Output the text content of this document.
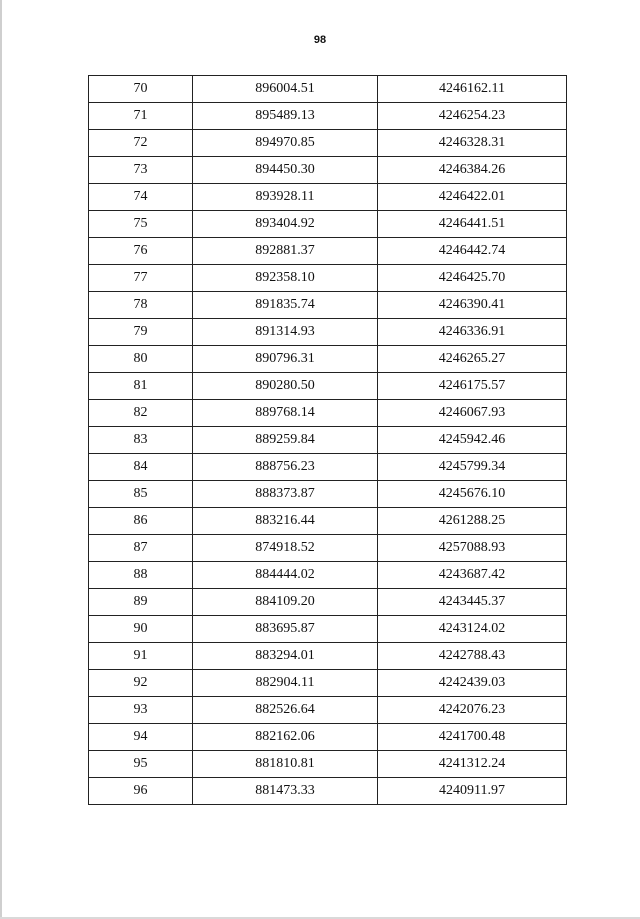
98
70	896004.51	4246162.11
71	895489.13	4246254.23
72	894970.85	4246328.31
73	894450.30	4246384.26
74	893928.11	4246422.01
75	893404.92	4246441.51
76	892881.37	4246442.74
77	892358.10	4246425.70
78	891835.74	4246390.41
79	891314.93	4246336.91
80	890796.31	4246265.27
81	890280.50	4246175.57
82	889768.14	4246067.93
83	889259.84	4245942.46
84	888756.23	4245799.34
85	888373.87	4245676.10
86	883216.44	4261288.25
87	874918.52	4257088.93
88	884444.02	4243687.42
89	884109.20	4243445.37
90	883695.87	4243124.02
91	883294.01	4242788.43
92	882904.11	4242439.03
93	882526.64	4242076.23
94	882162.06	4241700.48
95	881810.81	4241312.24
96	881473.33	4240911.97
